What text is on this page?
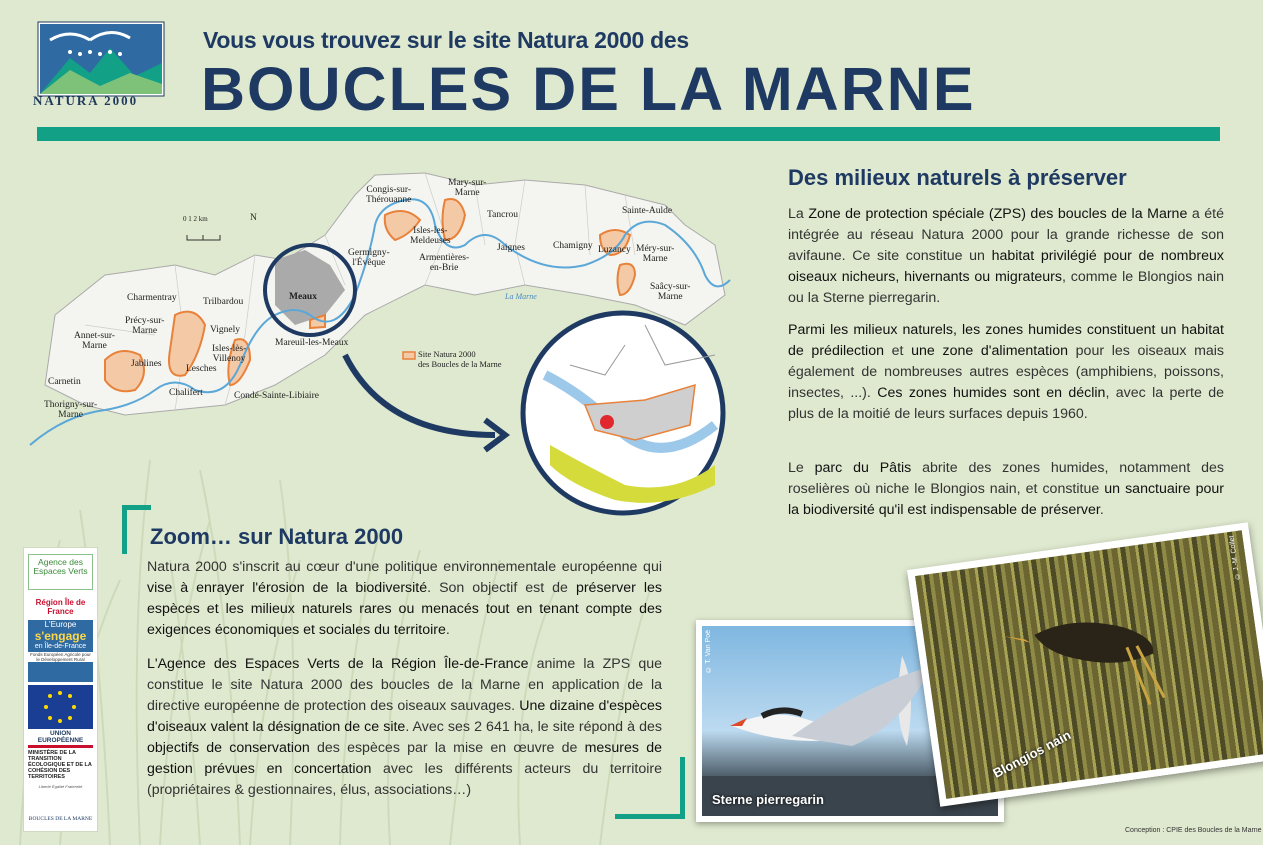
NATURA 2000
Vous vous trouvez sur le site Natura 2000 des
BOUCLES DE LA MARNE
0 1 2 km	N
La Marne
Site Natura 2000
des Boucles de la Marne
Congis-sur-
Thérouanne
Mary-sur-
Marne
Tancrou	Sainte-Aulde
Isles-les-
Meldeuses
Germigny-
l'Évêque	Armentières-
en-Brie
Jaignes	Chamigny Luzancy Méry-sur-
Marne
Saâcy-sur-
Marne
Charmentray	Trilbardou	Meaux
Précy-sur-
Marne	Vignely
Annet-sur-
Marne
Jablines
Isles-lès-
Villenoy
Mareuil-les-Meaux
Lesches
Carnetin
Chalifert	Condé-Sainte-Libiaire
Thorigny-sur-
Marne
Des milieux naturels à préserver
La Zone de protection spéciale (ZPS) des boucles de la Marne a été intégrée au réseau Natura 2000 pour la grande richesse de son avifaune. Ce site constitue un habitat privilégié pour de nombreux oiseaux nicheurs, hivernants ou migrateurs, comme le Blongios nain ou la Sterne pierregarin.
Parmi les milieux naturels, les zones humides constituent un habitat de prédilection et une zone d'alimentation pour les oiseaux mais également de nombreuses autres espèces (amphibiens, poissons, insectes, ...). Ces zones humides sont en déclin, avec la perte de plus de la moitié de leurs surfaces depuis 1960.
Le parc du Pâtis abrite des zones humides, notamment des roselières où niche le Blongios nain, et constitue un sanctuaire pour la biodiversité qu'il est indispensable de préserver.
Zoom… sur Natura 2000
Natura 2000 s'inscrit au cœur d'une politique environnementale européenne qui vise à enrayer l'érosion de la biodiversité. Son objectif est de préserver les espèces et les milieux naturels rares ou menacés tout en tenant compte des exigences économiques et sociales du territoire.
L'Agence des Espaces Verts de la Région Île-de-France anime la ZPS que constitue le site Natura 2000 des boucles de la Marne en application de la directive européenne de protection des oiseaux sauvages. Une dizaine d'espèces d'oiseaux valent la désignation de ce site. Avec ses 2 641 ha, le site répond à des objectifs de conservation des espèces par la mise en œuvre de mesures de gestion prévues en concertation avec les différents acteurs du territoire (propriétaires & gestionnaires, élus, associations…)
Agence des Espaces Verts
Région Île de France
L'Europe
s'engage
en Île-de-France
Fonds Européen Agricole pour le Développement Rural
UNION EUROPÉENNE
MINISTÈRE DE LA TRANSITION ÉCOLOGIQUE ET DE LA COHÉSION DES TERRITOIRES
Liberté Égalité Fraternité
BOUCLES DE LA MARNE
Sterne pierregarin
© T. Van Poë
Blongios nain
© J.-M. Collet
Conception : CPIE des Boucles de la Marne
